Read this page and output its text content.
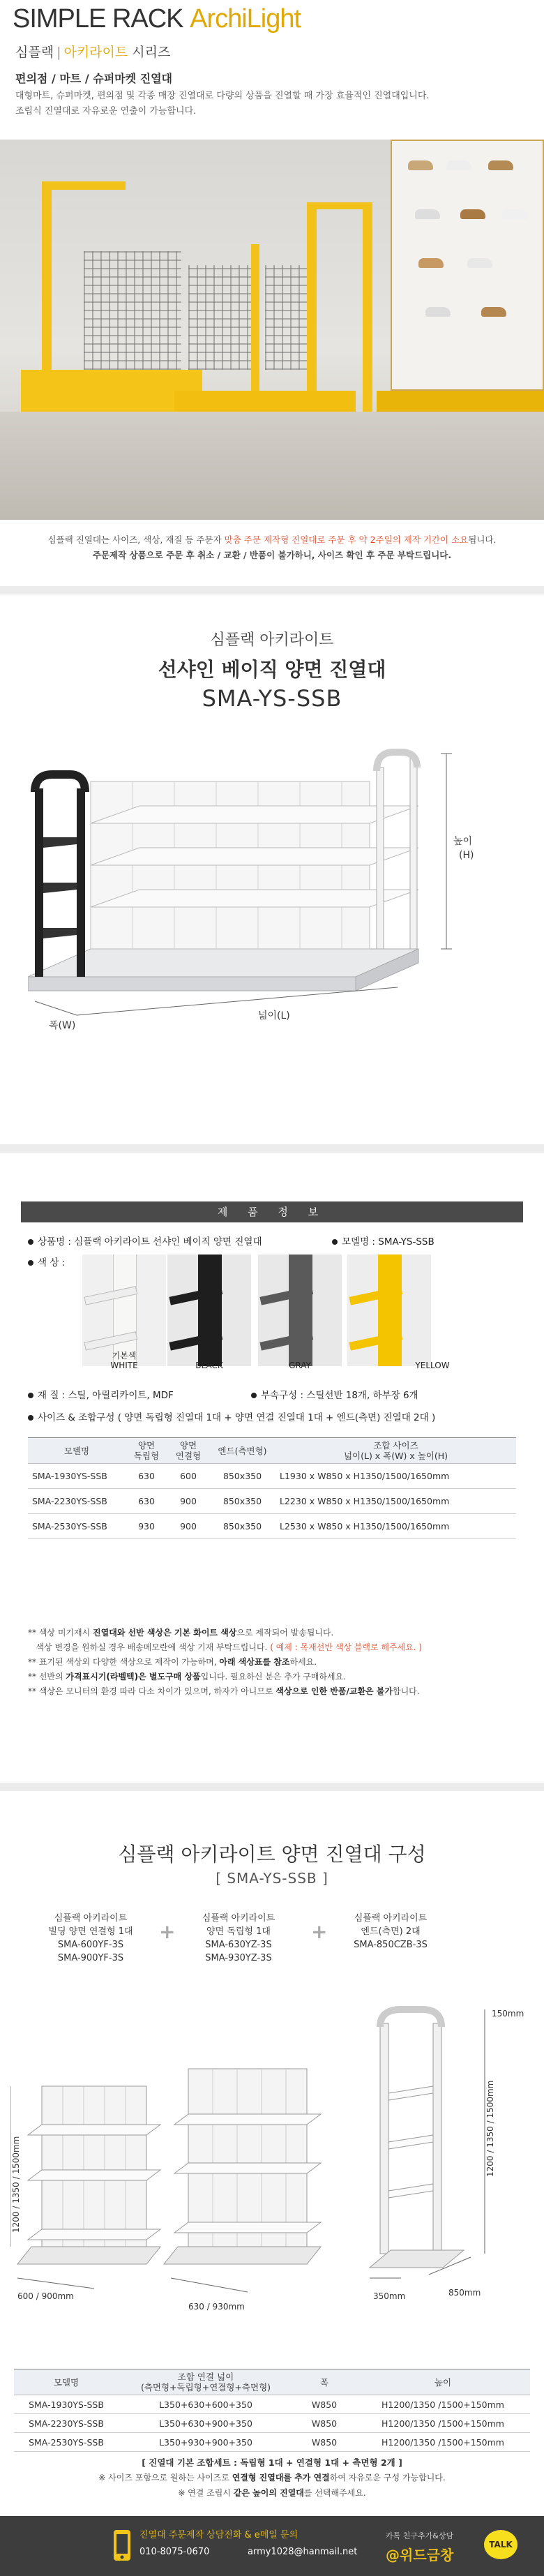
SIMPLE RACK ArchiLight
심플랙 | 아키라이트 시리즈
편의점 / 마트 / 슈퍼마켓 진열대
대형마트, 슈퍼마켓, 편의점 및 각종 매장 진열대로 다량의 상품을 진열할 때 가장 효율적인 진열대입니다.
조립식 진열대로 자유로운 연출이 가능합니다.

심플랙 진열대는 사이즈, 색상, 재질 등 주문자 맞춤 주문 제작형 진열대로 주문 후 약 2주일의 제작 기간이 소요됩니다.

주문제작 상품으로 주문 후 취소 / 교환 / 반품이 불가하니, 사이즈 확인 후 주문 부탁드립니다.

심플랙 아키라이트
선샤인 베이직 양면 진열대
SMA-YS-SSB
높이
(H)
넓이(L)
폭(W)
제 품 정 보
상품명 : 심플랙 아키라이트 선샤인 베이직 양면 진열대	모델명 : SMA-YS-SSB
색 상 :
기본색
WHITE	BLACK	GRAY	YELLOW
재 질 : 스틸, 아릴리카이트, MDF	부속구성 : 스틸선반 18개, 하부장 6개
사이즈 & 조합구성 ( 양면 독립형 진열대 1대 + 양면 연결 진열대 1대 + 엔드(측면) 진열대 2대 )
모델명	양면
독립형	양면
연결형	엔드(측면형)	조합 사이즈
넓이(L) x 폭(W) x 높이(H)
SMA-1930YS-SSB	630	600	850x350	L1930 x W850 x H1350/1500/1650mm
SMA-2230YS-SSB	630	900	850x350	L2230 x W850 x H1350/1500/1650mm
SMA-2530YS-SSB	930	900	850x350	L2530 x W850 x H1350/1500/1650mm
** 색상 미기재시 진열대와 선반 색상은 기본 화이트 색상으로 제작되어 발송됩니다.
색상 변경을 원하실 경우 배송메모란에 색상 기재 부탁드립니다. ( 예제 : 목재선반 색상 블랙로 해주세요. )
** 표기된 색상외 다양한 색상으로 제작이 가능하며, 아래 색상표를 참조하세요.
** 선반의 가격표시기(라벨텍)은 별도구매 상품입니다. 필요하신 분은 추가 구매하세요.
** 색상은 모니터의 환경 따라 다소 차이가 있으며, 하자가 아니므로 색상으로 인한 반품/교환은 불가합니다.
심플랙 아키라이트 양면 진열대 구성
[ SMA-YS-SSB ]
심플랙 아키라이트
빌딩 양면 연결형 1대
SMA-600YF-3S
SMA-900YF-3S
+
심플랙 아키라이트
양면 독립형 1대
SMA-630YZ-3S
SMA-930YZ-3S
+
심플랙 아키라이트
엔드(측면) 2대
SMA-850CZB-3S
1200 / 1350 / 1500mm
600 / 900mm
630 / 930mm
150mm
1200 / 1350 / 1500mm
350mm	850mm
모델명	조합 연결 넓이
(측면형+독립형+연결형+측면형)	폭	높이
SMA-1930YS-SSB	L350+630+600+350	W850	H1200/1350 /1500+150mm
SMA-2230YS-SSB	L350+630+900+350	W850	H1200/1350 /1500+150mm
SMA-2530YS-SSB	L350+930+900+350	W850	H1200/1350 /1500+150mm
[ 진열대 기본 조합세트 : 독립형 1대 + 연결형 1대 + 측면형 2개 ]
※ 사이즈 포함으로 원하는 사이즈로 연결형 진열대를 추가 연결하여 자유로운 구성 가능합니다.
※ 연결 조립시 같은 높이의 진열대를 선택해주세요.
진열대 주문제작 상담전화 & e메일 문의
010-8075-0670	army1028@hanmail.net
카톡 친구추가&상담
@위드금창
TALK
